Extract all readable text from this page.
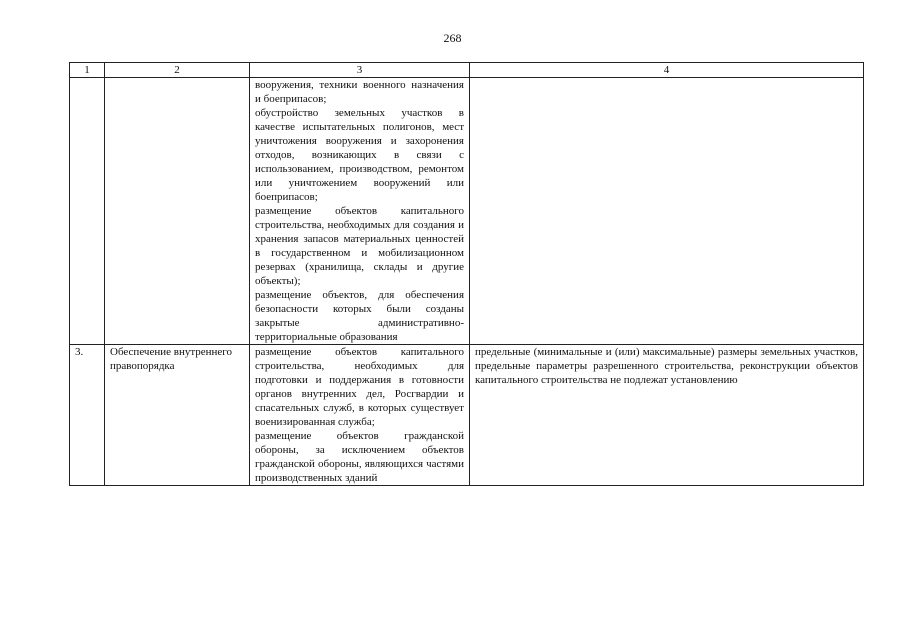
268
1	2	3	4

		вооружения, техники военного назначения и боеприпасов;

обустройство земельных участков в качестве испытательных полигонов, мест уничтожения вооружения и захоронения отходов, возникающих в связи с использованием, производством, ремонтом или уничтожением вооружений или боеприпасов;

размещение объектов капитального строительства, необходимых для создания и хранения запасов материальных ценностей в государственном и мобилизационном резервах (хранилища, склады и другие объекты);

размещение объектов, для обеспечения безопасности которых были созданы закрытые административно-территориальные образования	

3.	Обеспечение внутреннего правопорядка	размещение объектов капитального строительства, необходимых для подготовки и поддержания в готовности органов внутренних дел, Росгвардии и спасательных служб, в которых существует военизированная служба;

размещение объектов гражданской обороны, за исключением объектов гражданской обороны, являющихся частями производственных зданий	предельные (минимальные и (или) максимальные) размеры земельных участков, предельные параметры разрешенного строительства, реконструкции объектов капитального строительства не подлежат установлению
